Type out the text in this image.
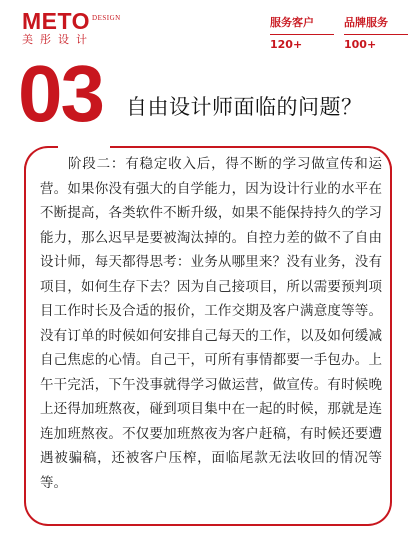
METO DESIGN
美彤设计
服务客户
120+
品牌服务
100+
03 自由设计师面临的问题？

阶段二：有稳定收入后，得不断的学习做宣传和运营。如果你没有强大的自学能力，因为设计行业的水平在不断提高，各类软件不断升级，如果不能保持持久的学习能力，那么迟早是要被淘汰掉的。自控力差的做不了自由设计师，每天都得思考：业务从哪里来？没有业务，没有项目，如何生存下去？因为自己接项目，所以需要预判项目工作时长及合适的报价，工作交期及客户满意度等等。没有订单的时候如何安排自己每天的工作，以及如何缓减自己焦虑的心情。自己干，可所有事情都要一手包办。上午干完活，下午没事就得学习做运营，做宣传。有时候晚上还得加班熬夜，碰到项目集中在一起的时候，那就是连连加班熬夜。不仅要加班熬夜为客户赶稿，有时候还要遭遇被骗稿，还被客户压榨，面临尾款无法收回的情况等等。
